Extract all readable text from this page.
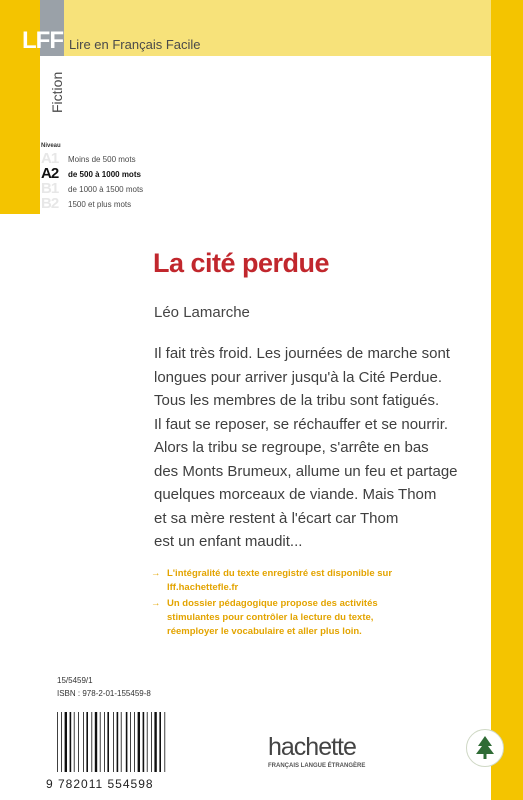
LFF Lire en Français Facile
Fiction
Niveau
A1 Moins de 500 mots
A2 de 500 à 1000 mots
B1 de 1000 à 1500 mots
B2 1500 et plus mots
La cité perdue
Léo Lamarche

Il fait très froid. Les journées de marche sont

longues pour arriver jusqu'à la Cité Perdue.

Tous les membres de la tribu sont fatigués.

Il faut se reposer, se réchauffer et se nourrir.

Alors la tribu se regroupe, s'arrête en bas

des Monts Brumeux, allume un feu et partage

quelques morceaux de viande. Mais Thom

et sa mère restent à l'écart car Thom

est un enfant maudit...

→ L'intégralité du texte enregistré est disponible sur
lff.hachettefle.fr
→ Un dossier pédagogique propose des activités
stimulantes pour contrôler la lecture du texte,
réemployer le vocabulaire et aller plus loin.
15/5459/1
ISBN : 978-2-01-155459-8
9 782011 554598
hachette
FRANÇAIS LANGUE ÉTRANGÈRE
